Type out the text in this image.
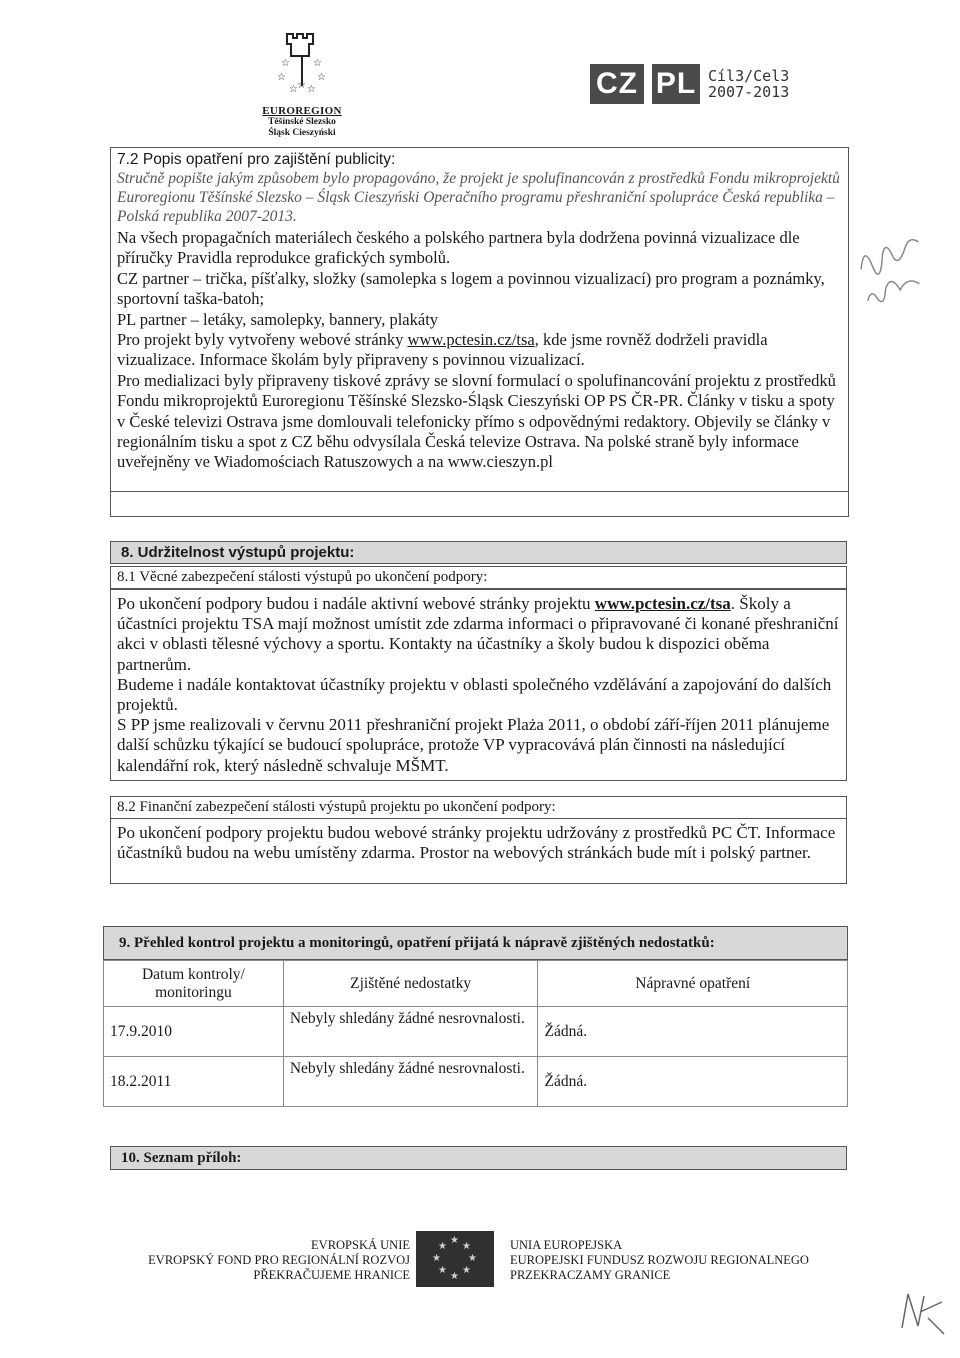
☆ ☆
☆	☆
☆ ☆ ☆
EUROREGION
Těšínské Slezsko
Śląsk Cieszyński
CZ PL Cíl3/Cel3
2007-2013
7.2 Popis opatření pro zajištění publicity:
Stručně popište jakým způsobem bylo propagováno, že projekt je spolufinancován z prostředků Fondu mikroprojektů Euroregionu Těšínské Slezsko – Śląsk Cieszyński Operačního programu přeshraniční spolupráce Česká republika – Polská republika 2007-2013.

Na všech propagačních materiálech českého a polského partnera byla dodržena povinná vizualizace dle příručky Pravidla reprodukce grafických symbolů.

CZ partner – trička, píšťalky, složky (samolepka s logem a povinnou vizualizací) pro program a poznámky, sportovní taška-batoh;

PL partner – letáky, samolepky, bannery, plakáty

Pro projekt byly vytvořeny webové stránky www.pctesin.cz/tsa, kde jsme rovněž dodrželi pravidla vizualizace. Informace školám byly připraveny s povinnou vizualizací.

Pro medializaci byly připraveny tiskové zprávy se slovní formulací o spolufinancování projektu z prostředků Fondu mikroprojektů Euroregionu Těšínské Slezsko-Śląsk Cieszyński OP PS ČR-PR. Články v tisku a spoty v České televizi Ostrava jsme domlouvali telefonicky přímo s odpovědnými redaktory. Objevily se články v regionálním tisku a spot z CZ běhu odvysílala Česká televize Ostrava. Na polské straně byly informace uveřejněny ve Wiadomościach Ratuszowych a na www.cieszyn.pl

8. Udržitelnost výstupů projektu:
8.1 Věcné zabezpečení stálosti výstupů po ukončení podpory:

Po ukončení podpory budou i nadále aktivní webové stránky projektu www.pctesin.cz/tsa. Školy a účastníci projektu TSA mají možnost umístit zde zdarma informaci o připravované či konané přeshraniční akci v oblasti tělesné výchovy a sportu. Kontakty na účastníky a školy budou k dispozici oběma partnerům.

Budeme i nadále kontaktovat účastníky projektu v oblasti společného vzdělávání a zapojování do dalších projektů.

S PP jsme realizovali v červnu 2011 přeshraniční projekt Plaża 2011, o období září-říjen 2011 plánujeme další schůzku týkající se budoucí spolupráce, protože VP vypracovává plán činnosti na následující kalendářní rok, který následně schvaluje MŠMT.

8.2 Finanční zabezpečení stálosti výstupů projektu po ukončení podpory:

Po ukončení podpory projektu budou webové stránky projektu udržovány z prostředků PC ČT. Informace účastníků budou na webu umístěny zdarma. Prostor na webových stránkách bude mít i polský partner.

9. Přehled kontrol projektu a monitoringů, opatření přijatá k nápravě zjištěných nedostatků:
Datum kontroly/ monitoringu	Zjištěné nedostatky	Nápravné opatření
17.9.2010	Nebyly shledány žádné nesrovnalosti.	Žádná.
18.2.2011	Nebyly shledány žádné nesrovnalosti.	Žádná.
10. Seznam příloh:
EVROPSKÁ UNIE
EVROPSKÝ FOND PRO REGIONÁLNÍ ROZVOJ
PŘEKRAČUJEME HRANICE
★
★ ★
★	★
★ ★
★
UNIA EUROPEJSKA
EUROPEJSKI FUNDUSZ ROZWOJU REGIONALNEGO
PRZEKRACZAMY GRANICE
